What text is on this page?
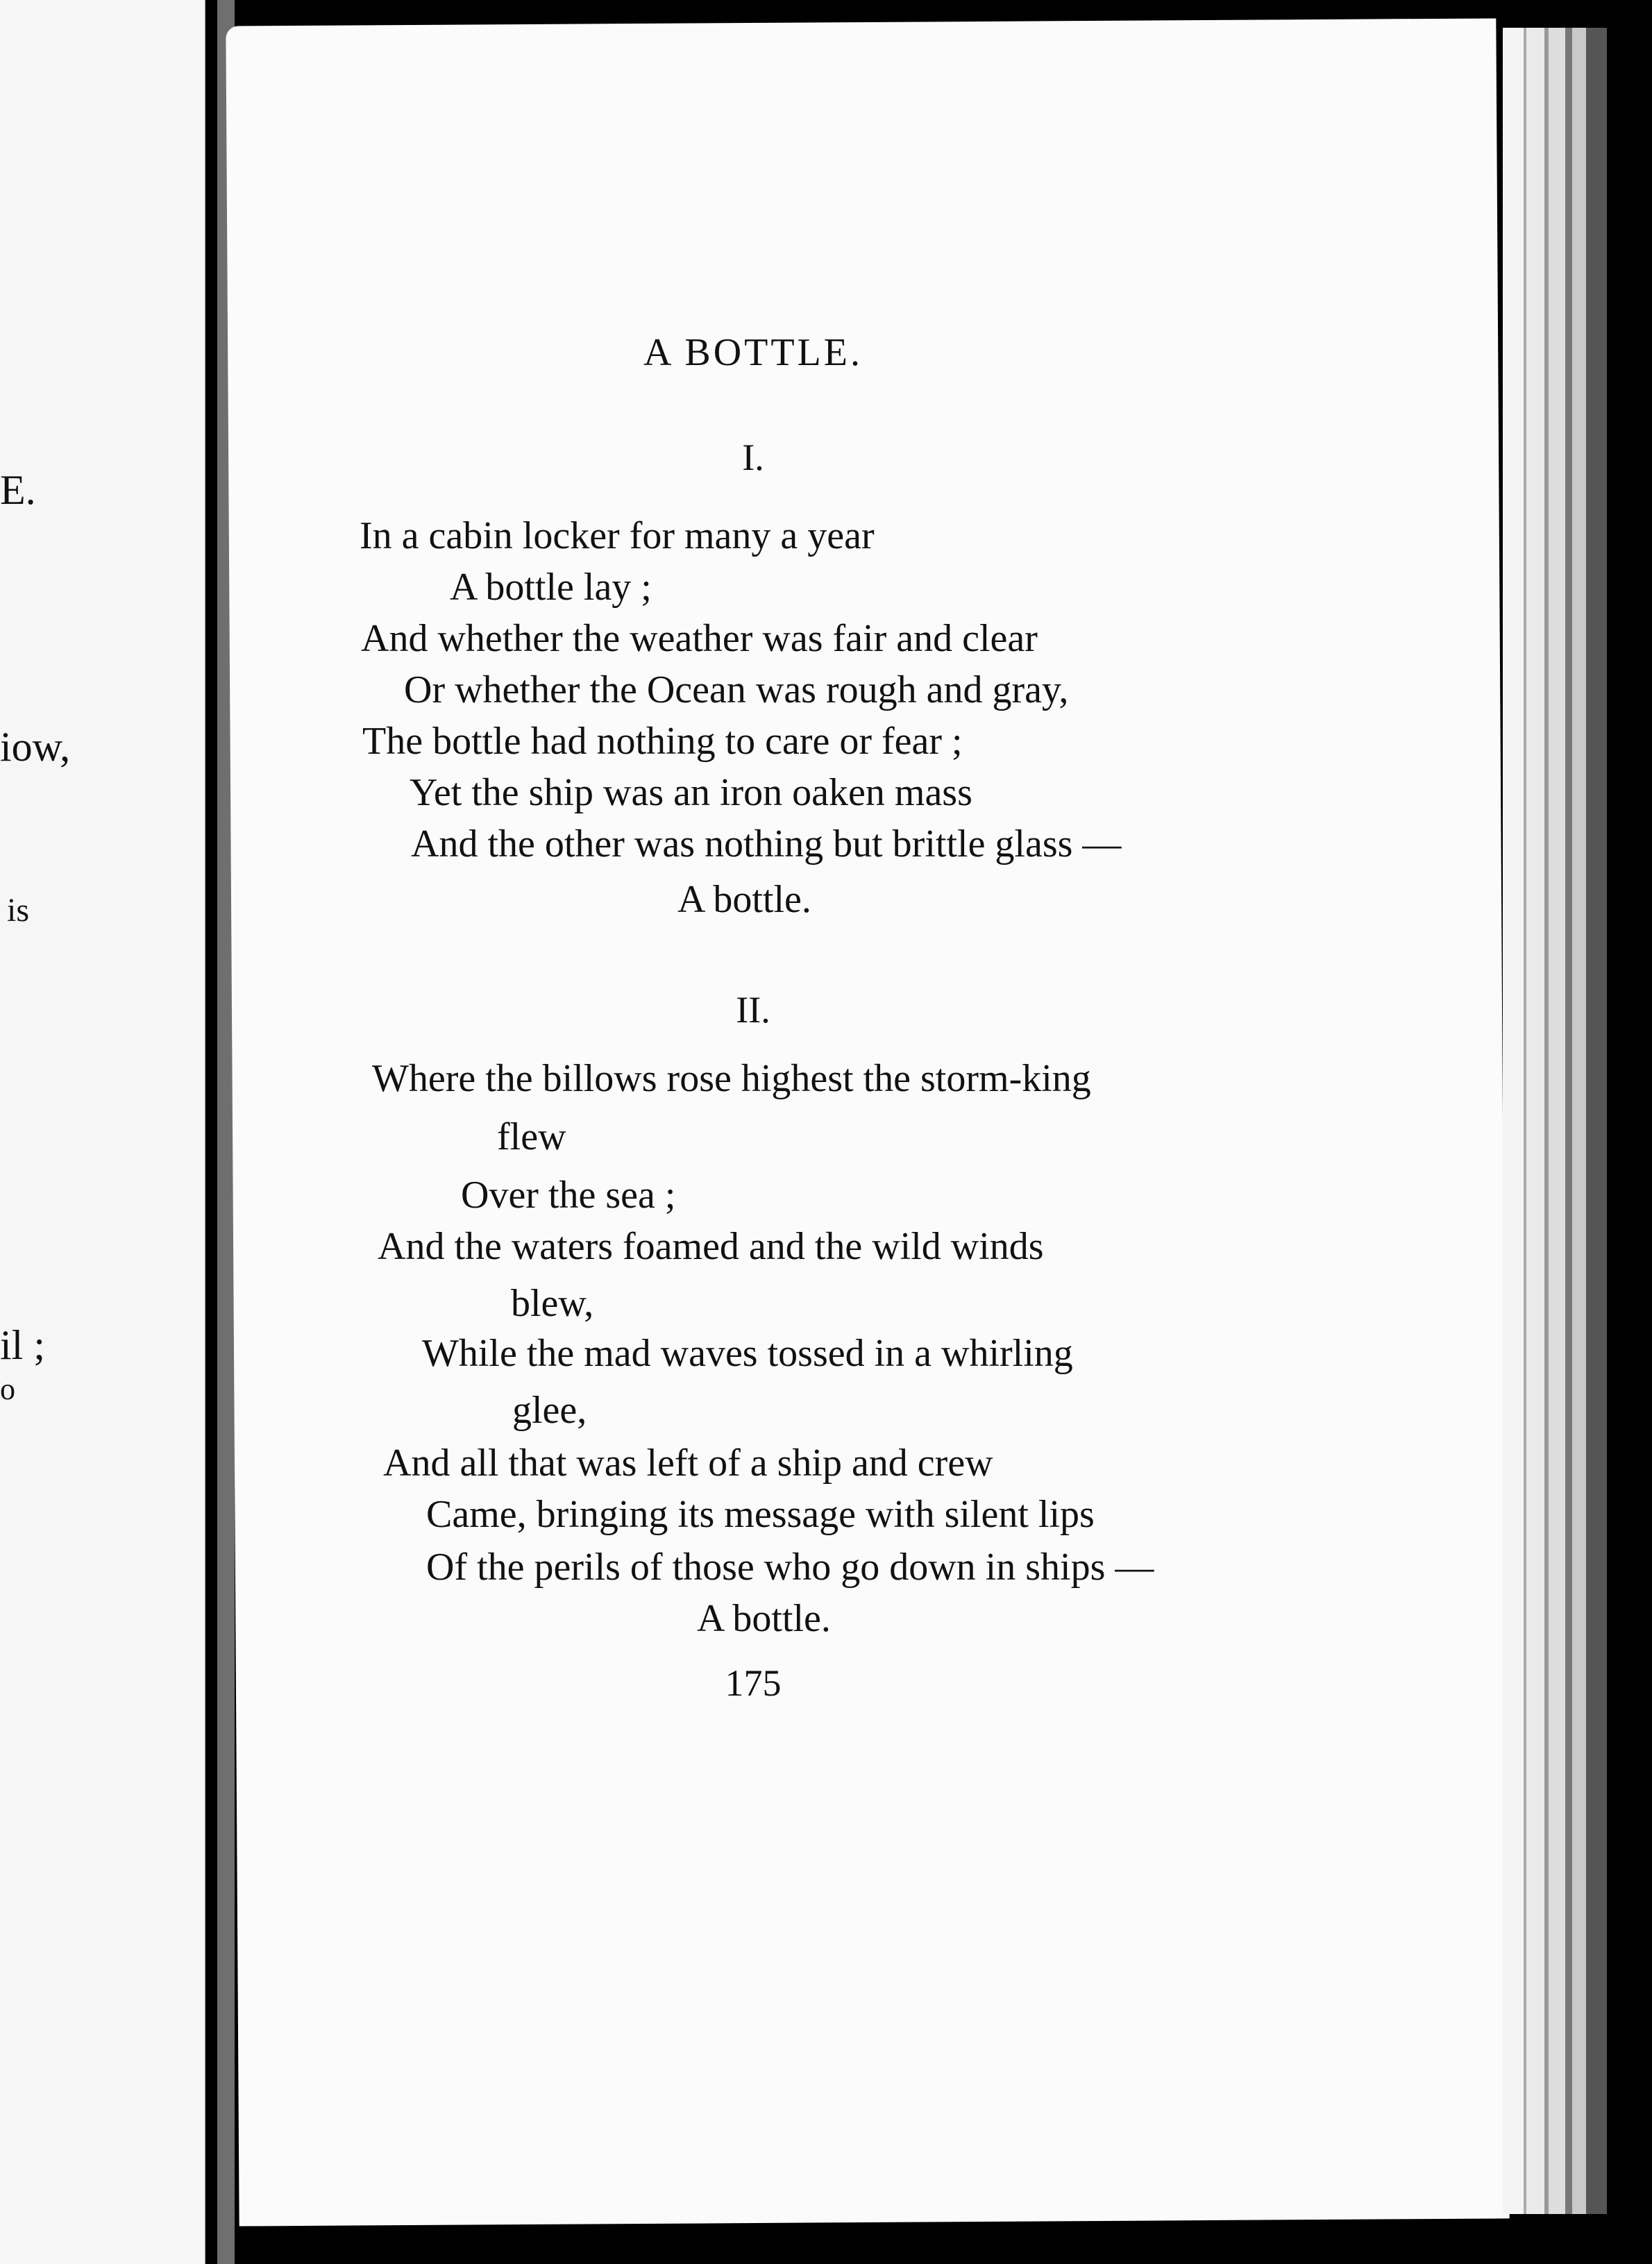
E.
iow,
is
il ;
o
A BOTTLE.
I.
In a cabin locker for many a year
A bottle lay ;
And whether the weather was fair and clear
Or whether the Ocean was rough and gray,
The bottle had nothing to care or fear ;
Yet the ship was an iron oaken mass
And the other was nothing but brittle glass —
A bottle.
II.
Where the billows rose highest the storm-king
flew
Over the sea ;
And the waters foamed and the wild winds
blew,
While the mad waves tossed in a whirling
glee,
And all that was left of a ship and crew
Came, bringing its message with silent lips
Of the perils of those who go down in ships —
A bottle.
175
